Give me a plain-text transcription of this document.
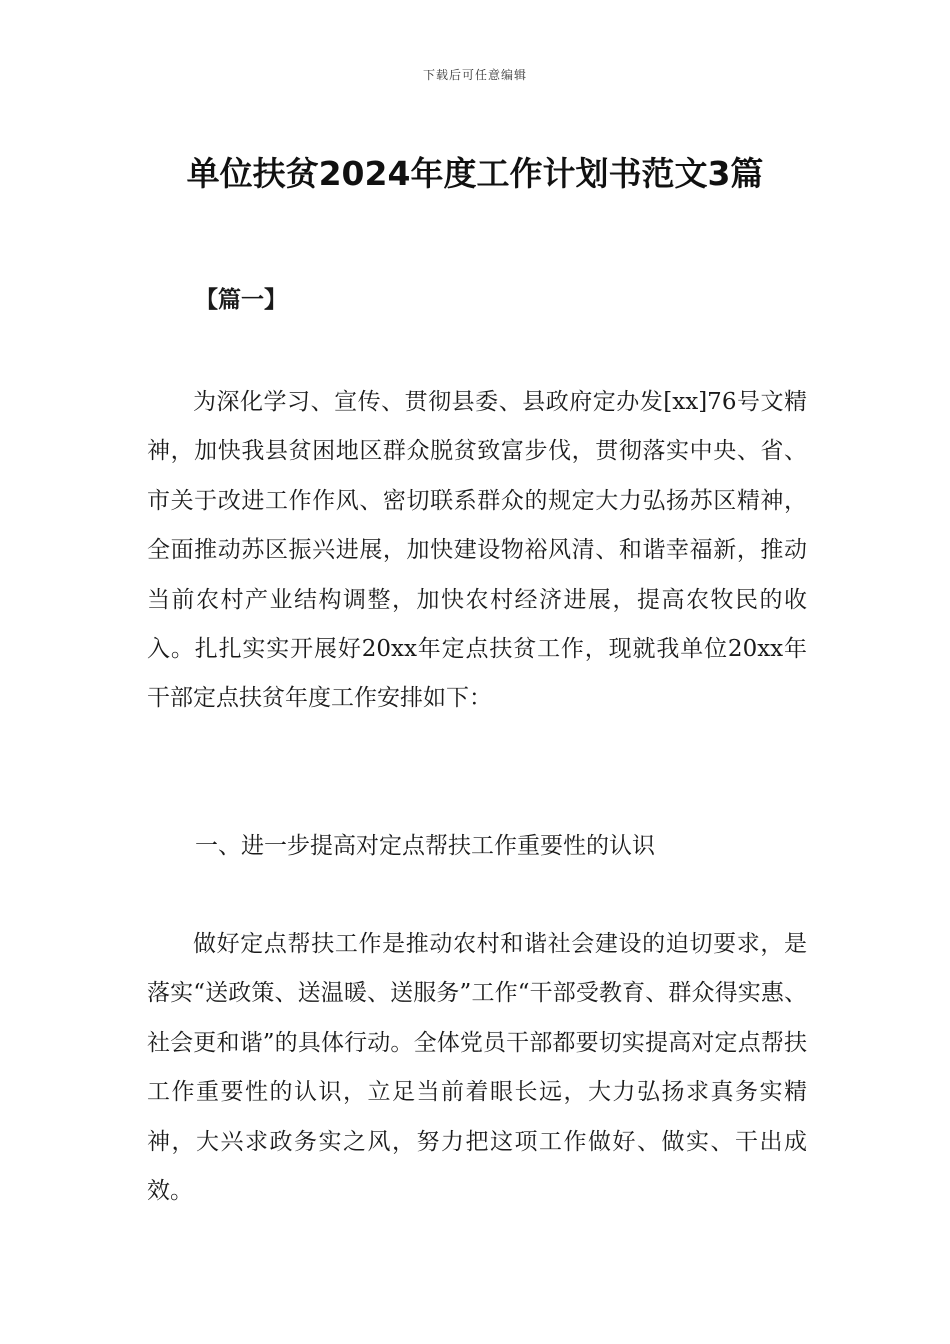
下载后可任意编辑
单位扶贫2024年度工作计划书范文3篇

【篇一】

为深化学习、宣传、贯彻县委、县政府定办发[xx]76号文精神，加快我县贫困地区群众脱贫致富步伐，贯彻落实中央、省、市关于改进工作作风、密切联系群众的规定大力弘扬苏区精神，全面推动苏区振兴进展，加快建设物裕风清、和谐幸福新，推动当前农村产业结构调整，加快农村经济进展，提高农牧民的收入。扎扎实实开展好20xx年定点扶贫工作，现就我单位20xx年干部定点扶贫年度工作安排如下：

一、进一步提高对定点帮扶工作重要性的认识

做好定点帮扶工作是推动农村和谐社会建设的迫切要求，是落实“送政策、送温暖、送服务”工作“干部受教育、群众得实惠、社会更和谐”的具体行动。全体党员干部都要切实提高对定点帮扶工作重要性的认识，立足当前着眼长远，大力弘扬求真务实精神，大兴求政务实之风，努力把这项工作做好、做实、干出成效。
